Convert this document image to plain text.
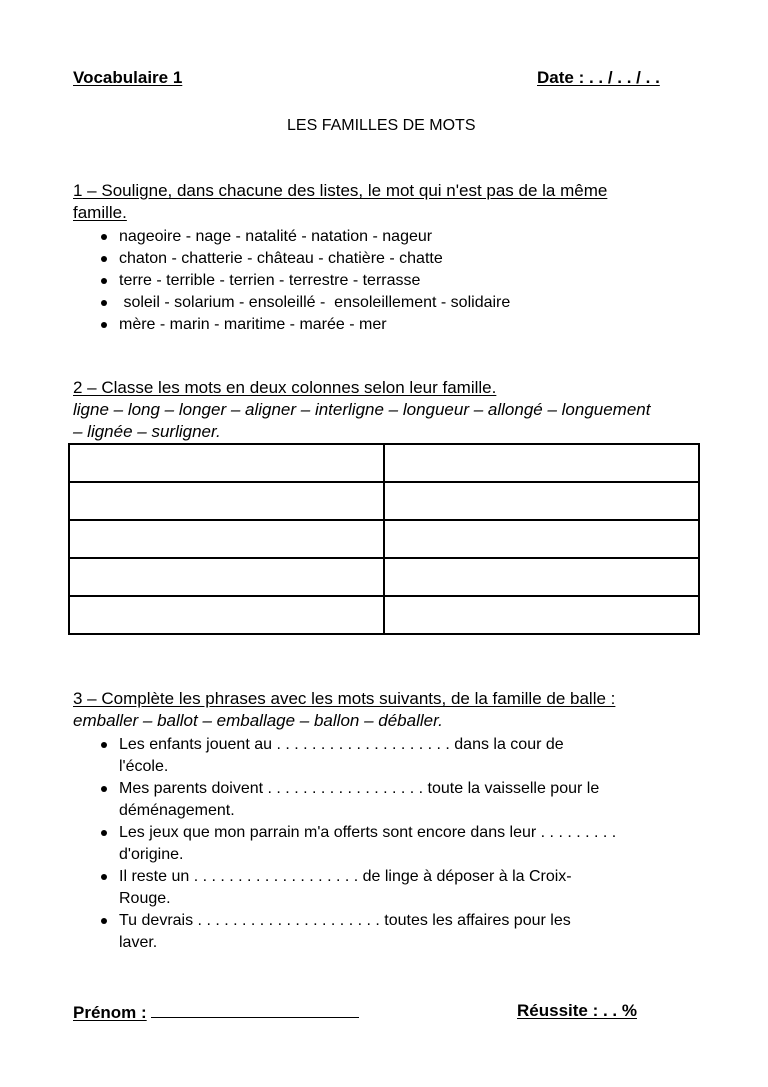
Vocabulaire 1	Date : . . / . . / . .
LES FAMILLES DE MOTS
1 – Souligne, dans chacune des listes, le mot qui n'est pas de la même
famille.
nageoire - nage - natalité - natation - nageur
chaton - chatterie - château - chatière - chatte
terre - terrible - terrien - terrestre - terrasse
soleil - solarium - ensoleillé -  ensoleillement - solidaire
mère - marin - maritime - marée - mer
2 – Classe les mots en deux colonnes selon leur famille.
ligne – long – longer – aligner – interligne – longueur – allongé – longuement
– lignée – surligner.

3 – Complète les phrases avec les mots suivants, de la famille de balle :
emballer – ballot – emballage – ballon – déballer.
Les enfants jouent au . . . . . . . . . . . . . . . . . . . . dans la cour de
l'école.
Mes parents doivent . . . . . . . . . . . . . . . . . . toute la vaisselle pour le
déménagement.
Les jeux que mon parrain m'a offerts sont encore dans leur . . . . . . . . .
d'origine.
Il reste un . . . . . . . . . . . . . . . . . . . de linge à déposer à la Croix-
Rouge.
Tu devrais . . . . . . . . . . . . . . . . . . . . . toutes les affaires pour les
laver.
Prénom :	Réussite : . . %
